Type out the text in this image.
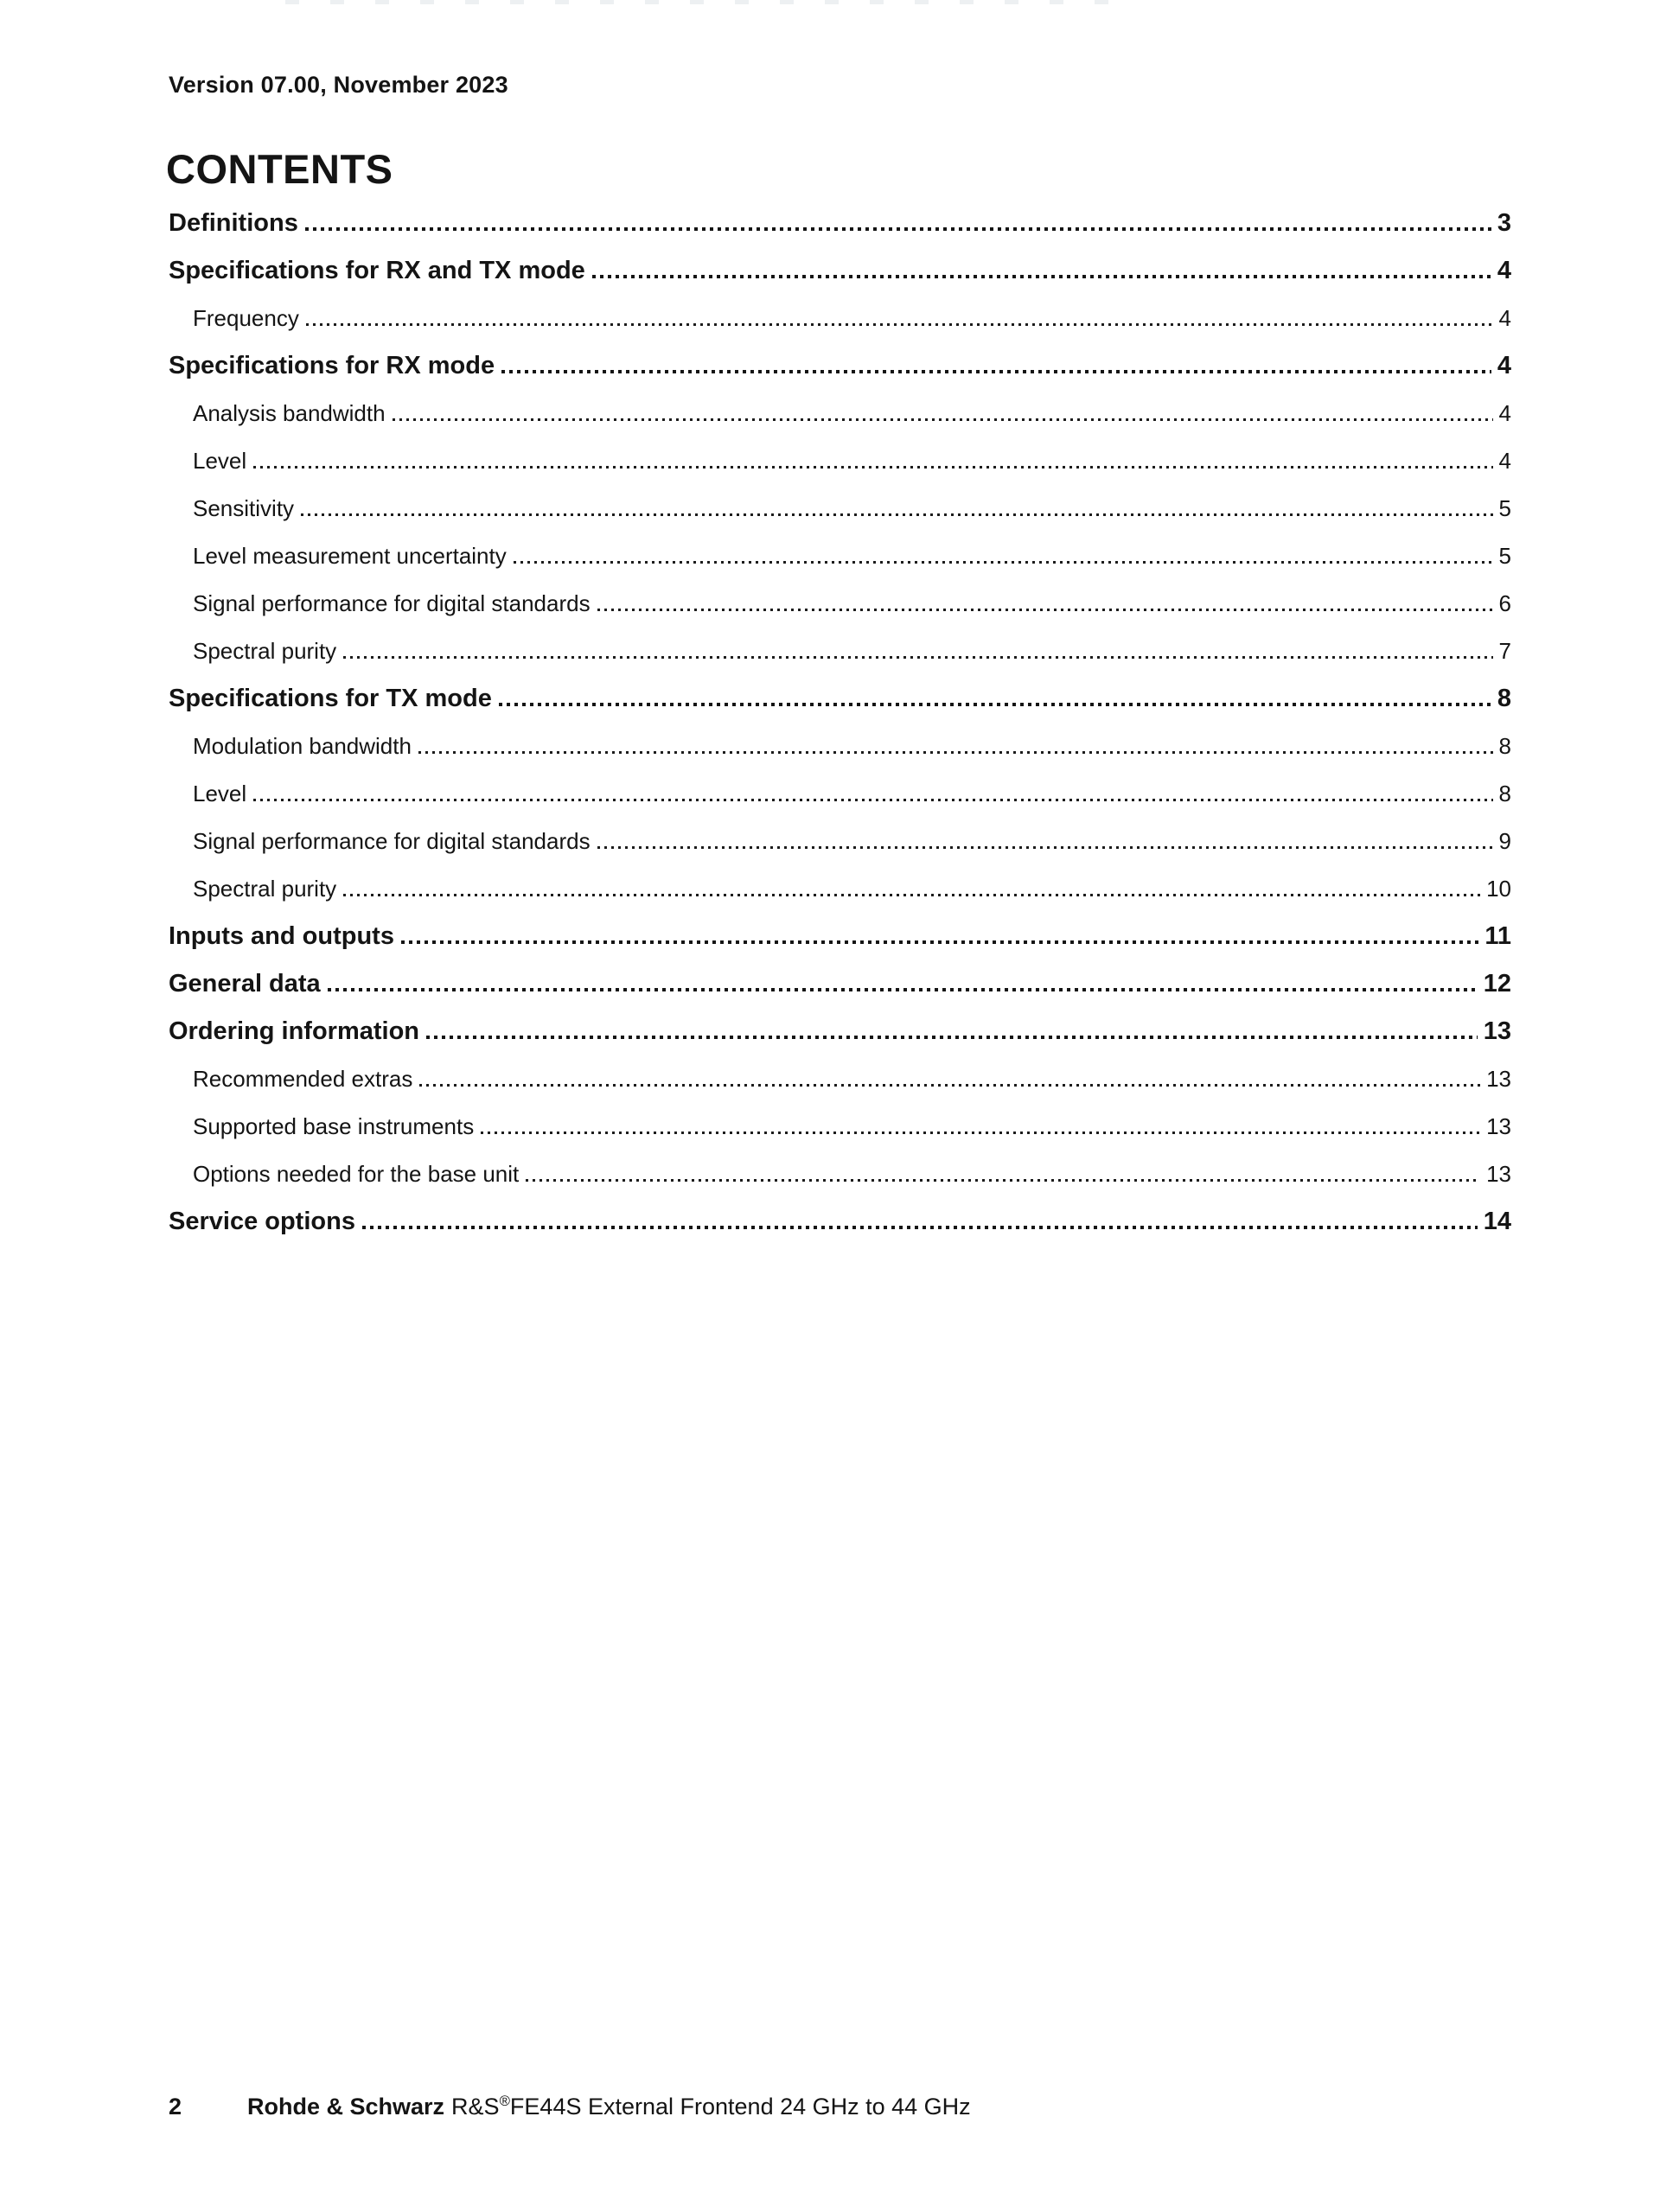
Version 07.00, November 2023
CONTENTS
Definitions	3
Specifications for RX and TX mode	4
Frequency	4
Specifications for RX mode	4
Analysis bandwidth	4
Level	4
Sensitivity	5
Level measurement uncertainty	5
Signal performance for digital standards	6
Spectral purity	7
Specifications for TX mode	8
Modulation bandwidth	8
Level	8
Signal performance for digital standards	9
Spectral purity	10
Inputs and outputs	11
General data	12
Ordering information	13
Recommended extras	13
Supported base instruments	13
Options needed for the base unit	13
Service options	14
2	Rohde & Schwarz R&S®FE44S External Frontend 24 GHz to 44 GHz
